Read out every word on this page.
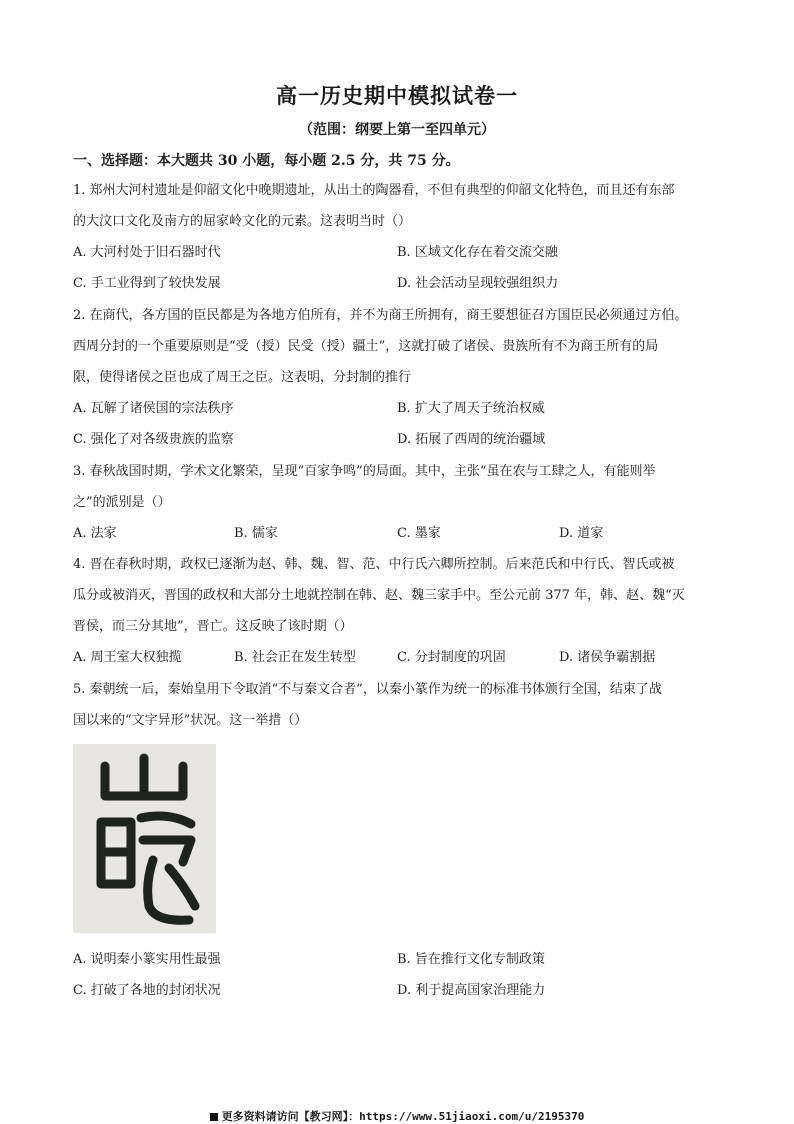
高一历史期中模拟试卷一
（范围：纲要上第一至四单元）
一、选择题：本大题共 30 小题，每小题 2.5 分，共 75 分。
1. 郑州大河村遗址是仰韶文化中晚期遗址，从出土的陶器看，不但有典型的仰韶文化特色，而且还有东部
的大汶口文化及南方的屈家岭文化的元素。这表明当时（）
A. 大河村处于旧石器时代	B. 区域文化存在着交流交融
C. 手工业得到了较快发展	D. 社会活动呈现较强组织力
2. 在商代，各方国的臣民都是为各地方伯所有，并不为商王所拥有，商王要想征召方国臣民必须通过方伯。
西周分封的一个重要原则是“受（授）民受（授）疆土”，这就打破了诸侯、贵族所有不为商王所有的局
限，使得诸侯之臣也成了周王之臣。这表明，分封制的推行
A. 瓦解了诸侯国的宗法秩序	B. 扩大了周天子统治权威
C. 强化了对各级贵族的监察	D. 拓展了西周的统治疆域
3. 春秋战国时期，学术文化繁荣，呈现“百家争鸣”的局面。其中，主张“虽在农与工肆之人，有能则举
之”的派别是（）
A. 法家	B. 儒家	C. 墨家	D. 道家
4. 晋在春秋时期，政权已逐渐为赵、韩、魏、智、范、中行氏六卿所控制。后来范氏和中行氏、智氏或被
瓜分或被消灭，晋国的政权和大部分土地就控制在韩、赵、魏三家手中。至公元前 377 年，韩、赵、魏“灭
晋侯，而三分其地”，晋亡。这反映了该时期（）
A. 周王室大权独揽	B. 社会正在发生转型	C. 分封制度的巩固	D. 诸侯争霸割据
5. 秦朝统一后，秦始皇用下令取消“不与秦文合者”，以秦小篆作为统一的标准书体颁行全国，结束了战
国以来的“文字异形”状况。这一举措（）
A. 说明秦小篆实用性最强	B. 旨在推行文化专制政策
C. 打破了各地的封闭状况	D. 利于提高国家治理能力
更多资料请访问【教习网】：https://www.51jiaoxi.com/u/2195370
